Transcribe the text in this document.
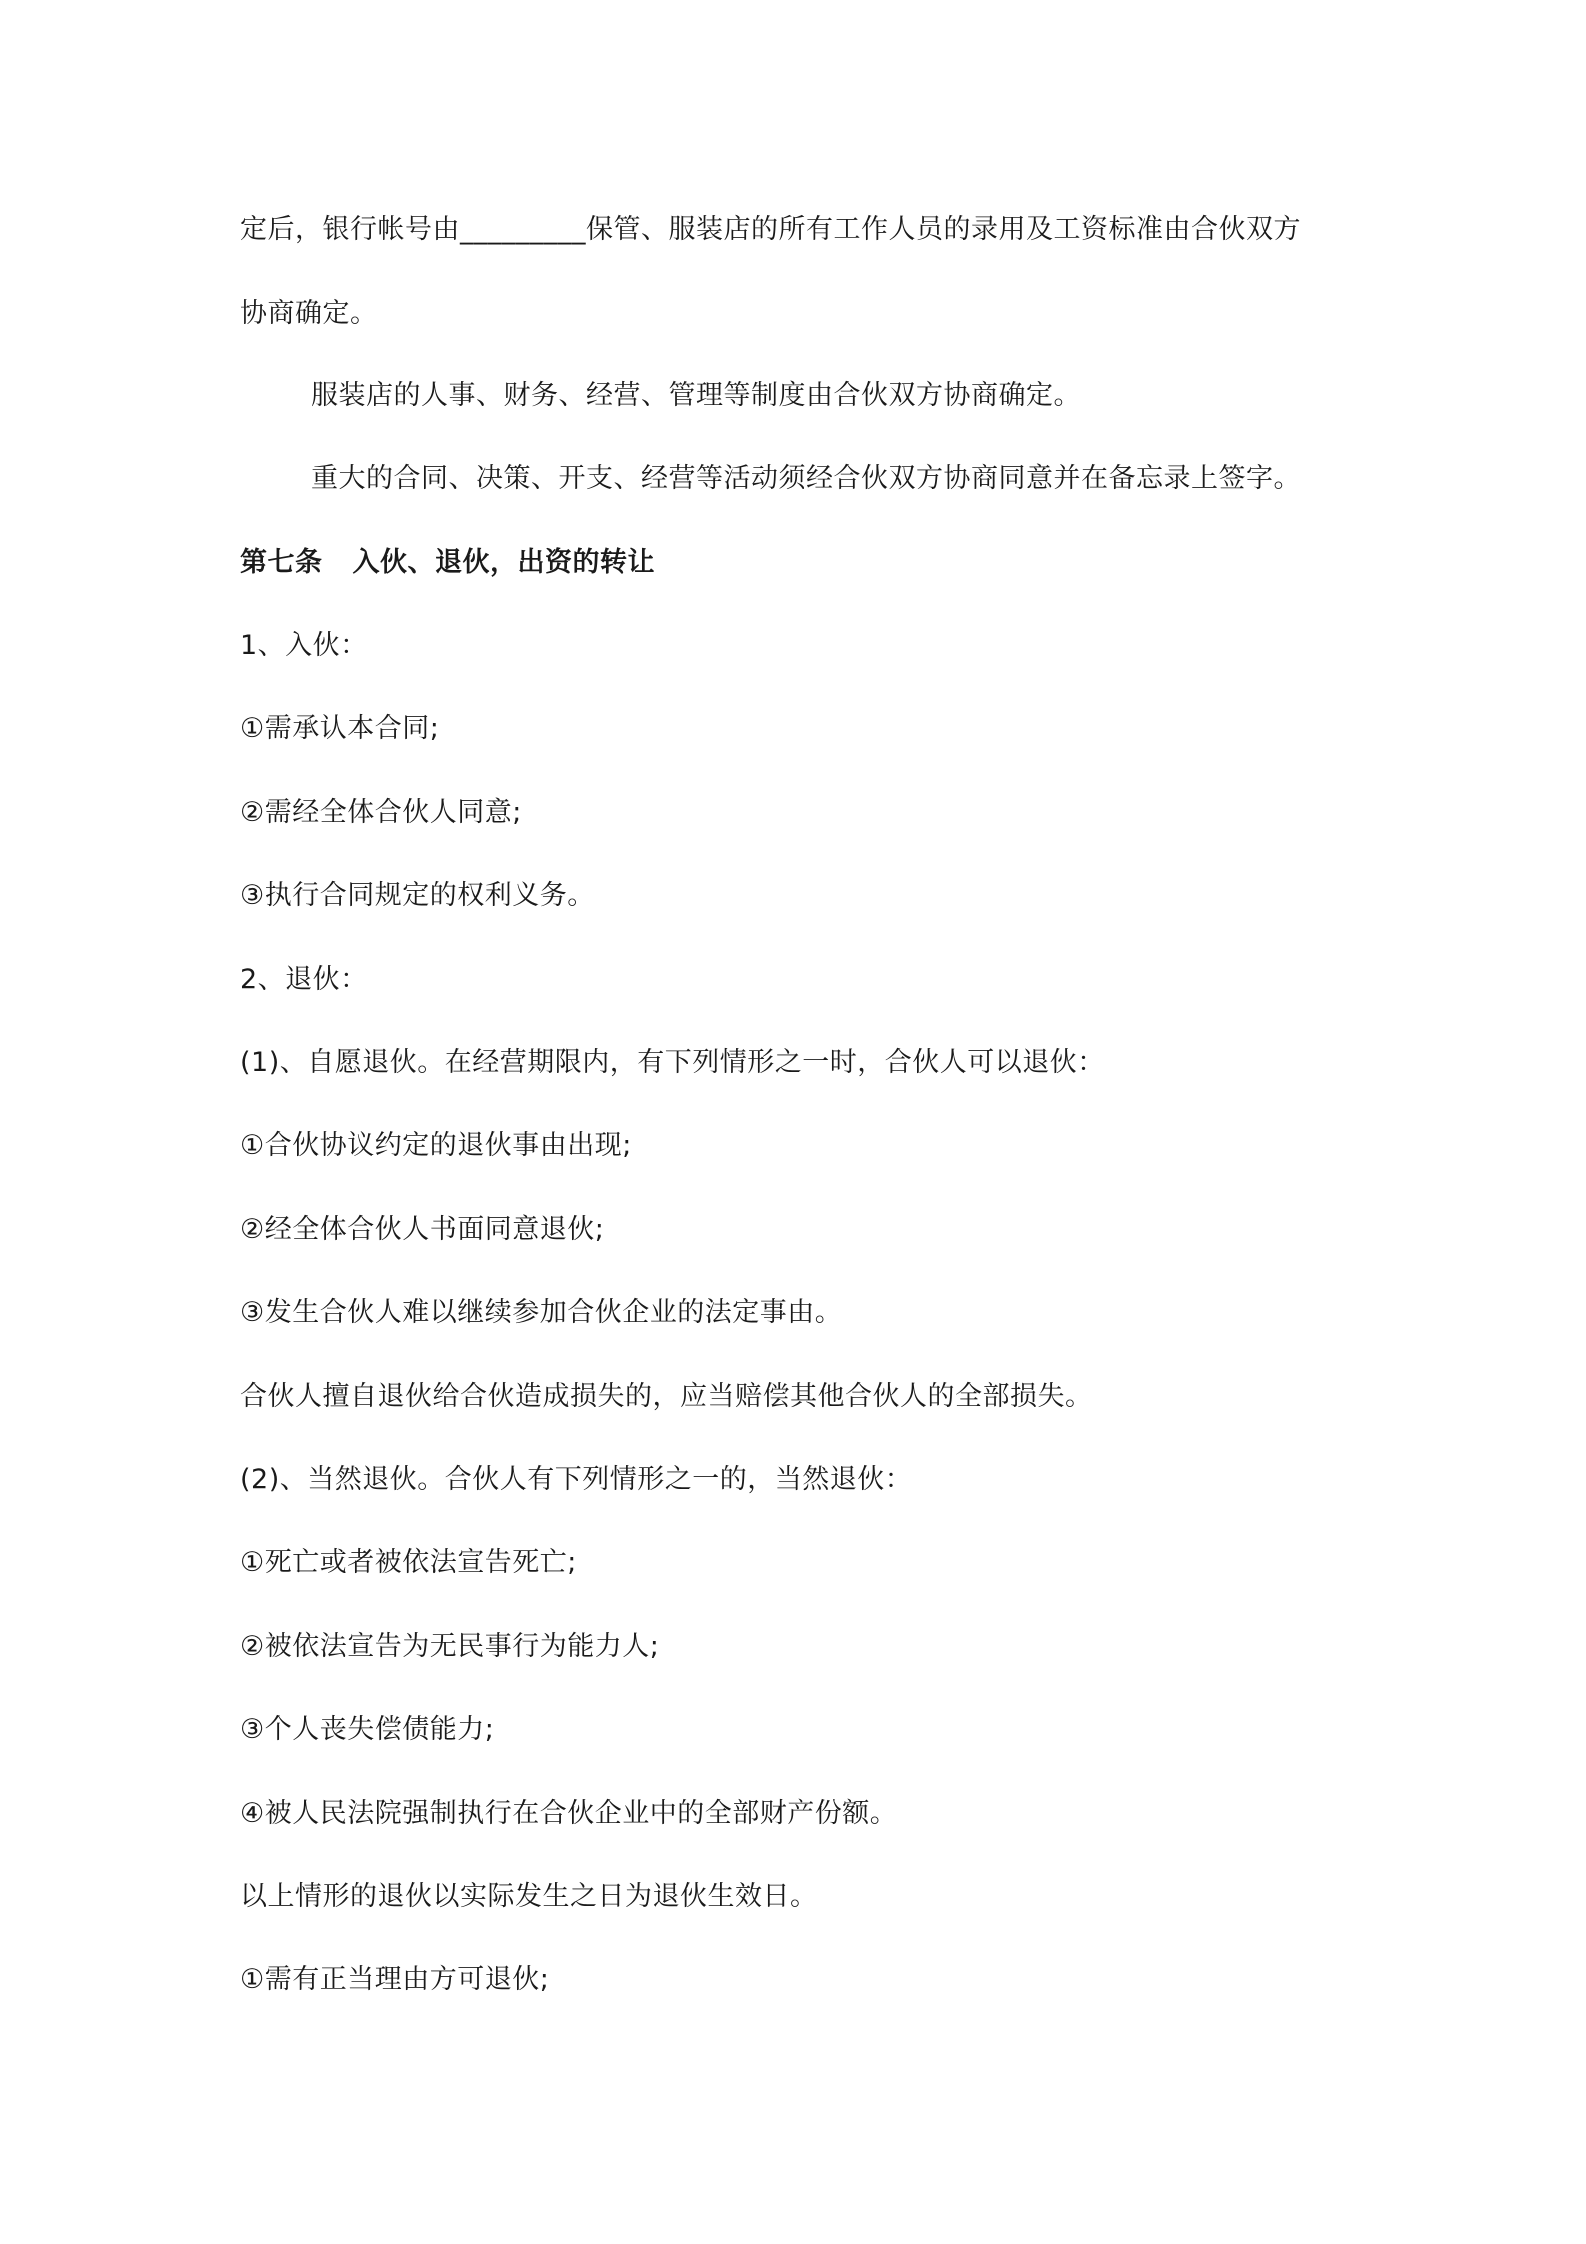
定后，银行帐号由_________保管、服装店的所有工作人员的录用及工资标准由合伙双方
协商确定。
服装店的人事、财务、经营、管理等制度由合伙双方协商确定。
重大的合同、决策、开支、经营等活动须经合伙双方协商同意并在备忘录上签字。
第七条 入伙、退伙，出资的转让
1、入伙：
①需承认本合同;
②需经全体合伙人同意;
③执行合同规定的权利义务。
2、退伙：
(1)、自愿退伙。在经营期限内，有下列情形之一时，合伙人可以退伙：
①合伙协议约定的退伙事由出现;
②经全体合伙人书面同意退伙;
③发生合伙人难以继续参加合伙企业的法定事由。
合伙人擅自退伙给合伙造成损失的，应当赔偿其他合伙人的全部损失。
(2)、当然退伙。合伙人有下列情形之一的，当然退伙：
①死亡或者被依法宣告死亡;
②被依法宣告为无民事行为能力人;
③个人丧失偿债能力;
④被人民法院强制执行在合伙企业中的全部财产份额。
以上情形的退伙以实际发生之日为退伙生效日。
①需有正当理由方可退伙;
